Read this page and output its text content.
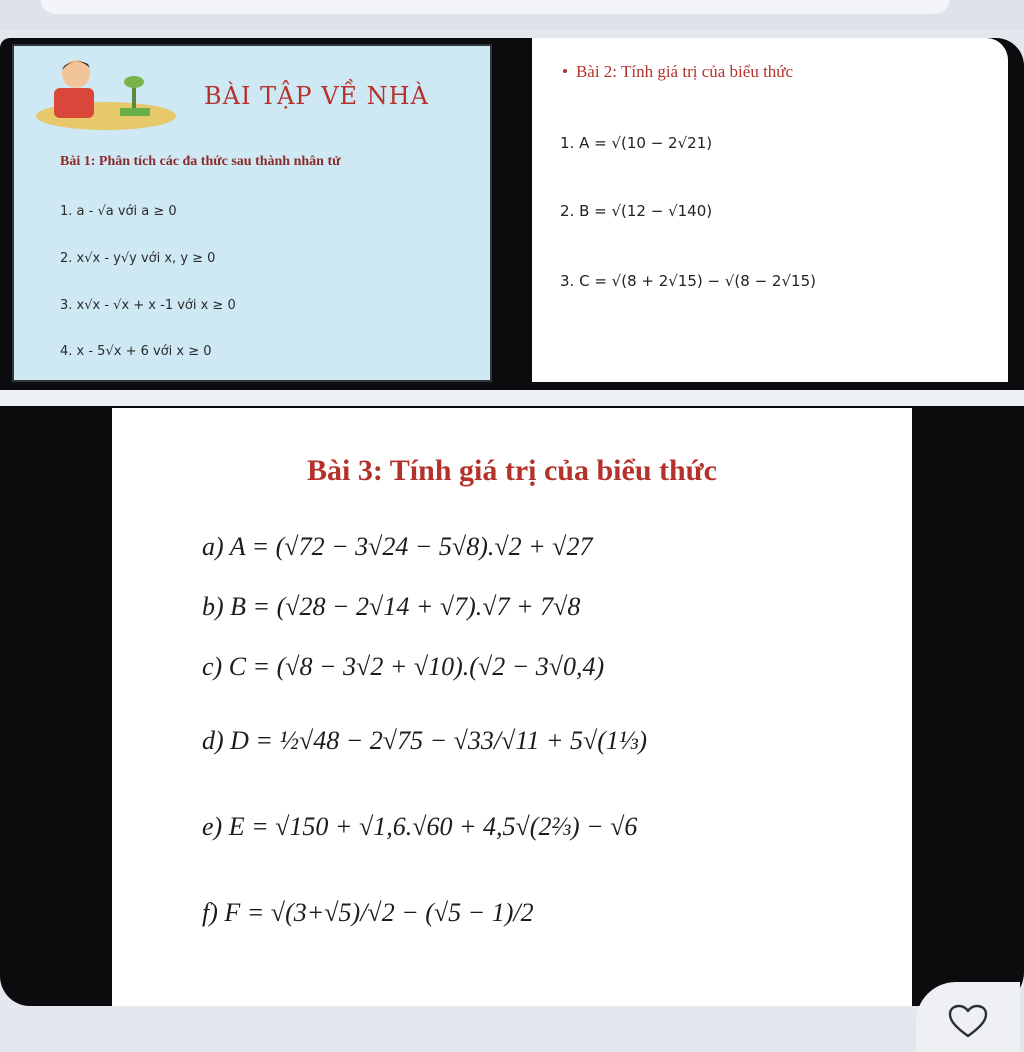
BÀI TẬP VỀ NHÀ
Bài 1: Phân tích các đa thức sau thành nhân tử
1. a - √a với a ≥ 0
2. x√x - y√y với x, y ≥ 0
3. x√x - √x + x -1 với x ≥ 0
4. x - 5√x + 6 với x ≥ 0
• Bài 2: Tính giá trị của biểu thức
1. A = √(10 − 2√21)
2. B = √(12 − √140)
3. C = √(8 + 2√15) − √(8 − 2√15)
Bài 3: Tính giá trị của biểu thức
a) A = (√72 − 3√24 − 5√8).√2 + √27
b) B = (√28 − 2√14 + √7).√7 + 7√8
c) C = (√8 − 3√2 + √10).(√2 − 3√0,4)
d) D = ½√48 − 2√75 − √33/√11 + 5√(1⅓)
e) E = √150 + √1,6.√60 + 4,5√(2⅔) − √6
f) F = √(3+√5)/√2 − (√5 − 1)/2
